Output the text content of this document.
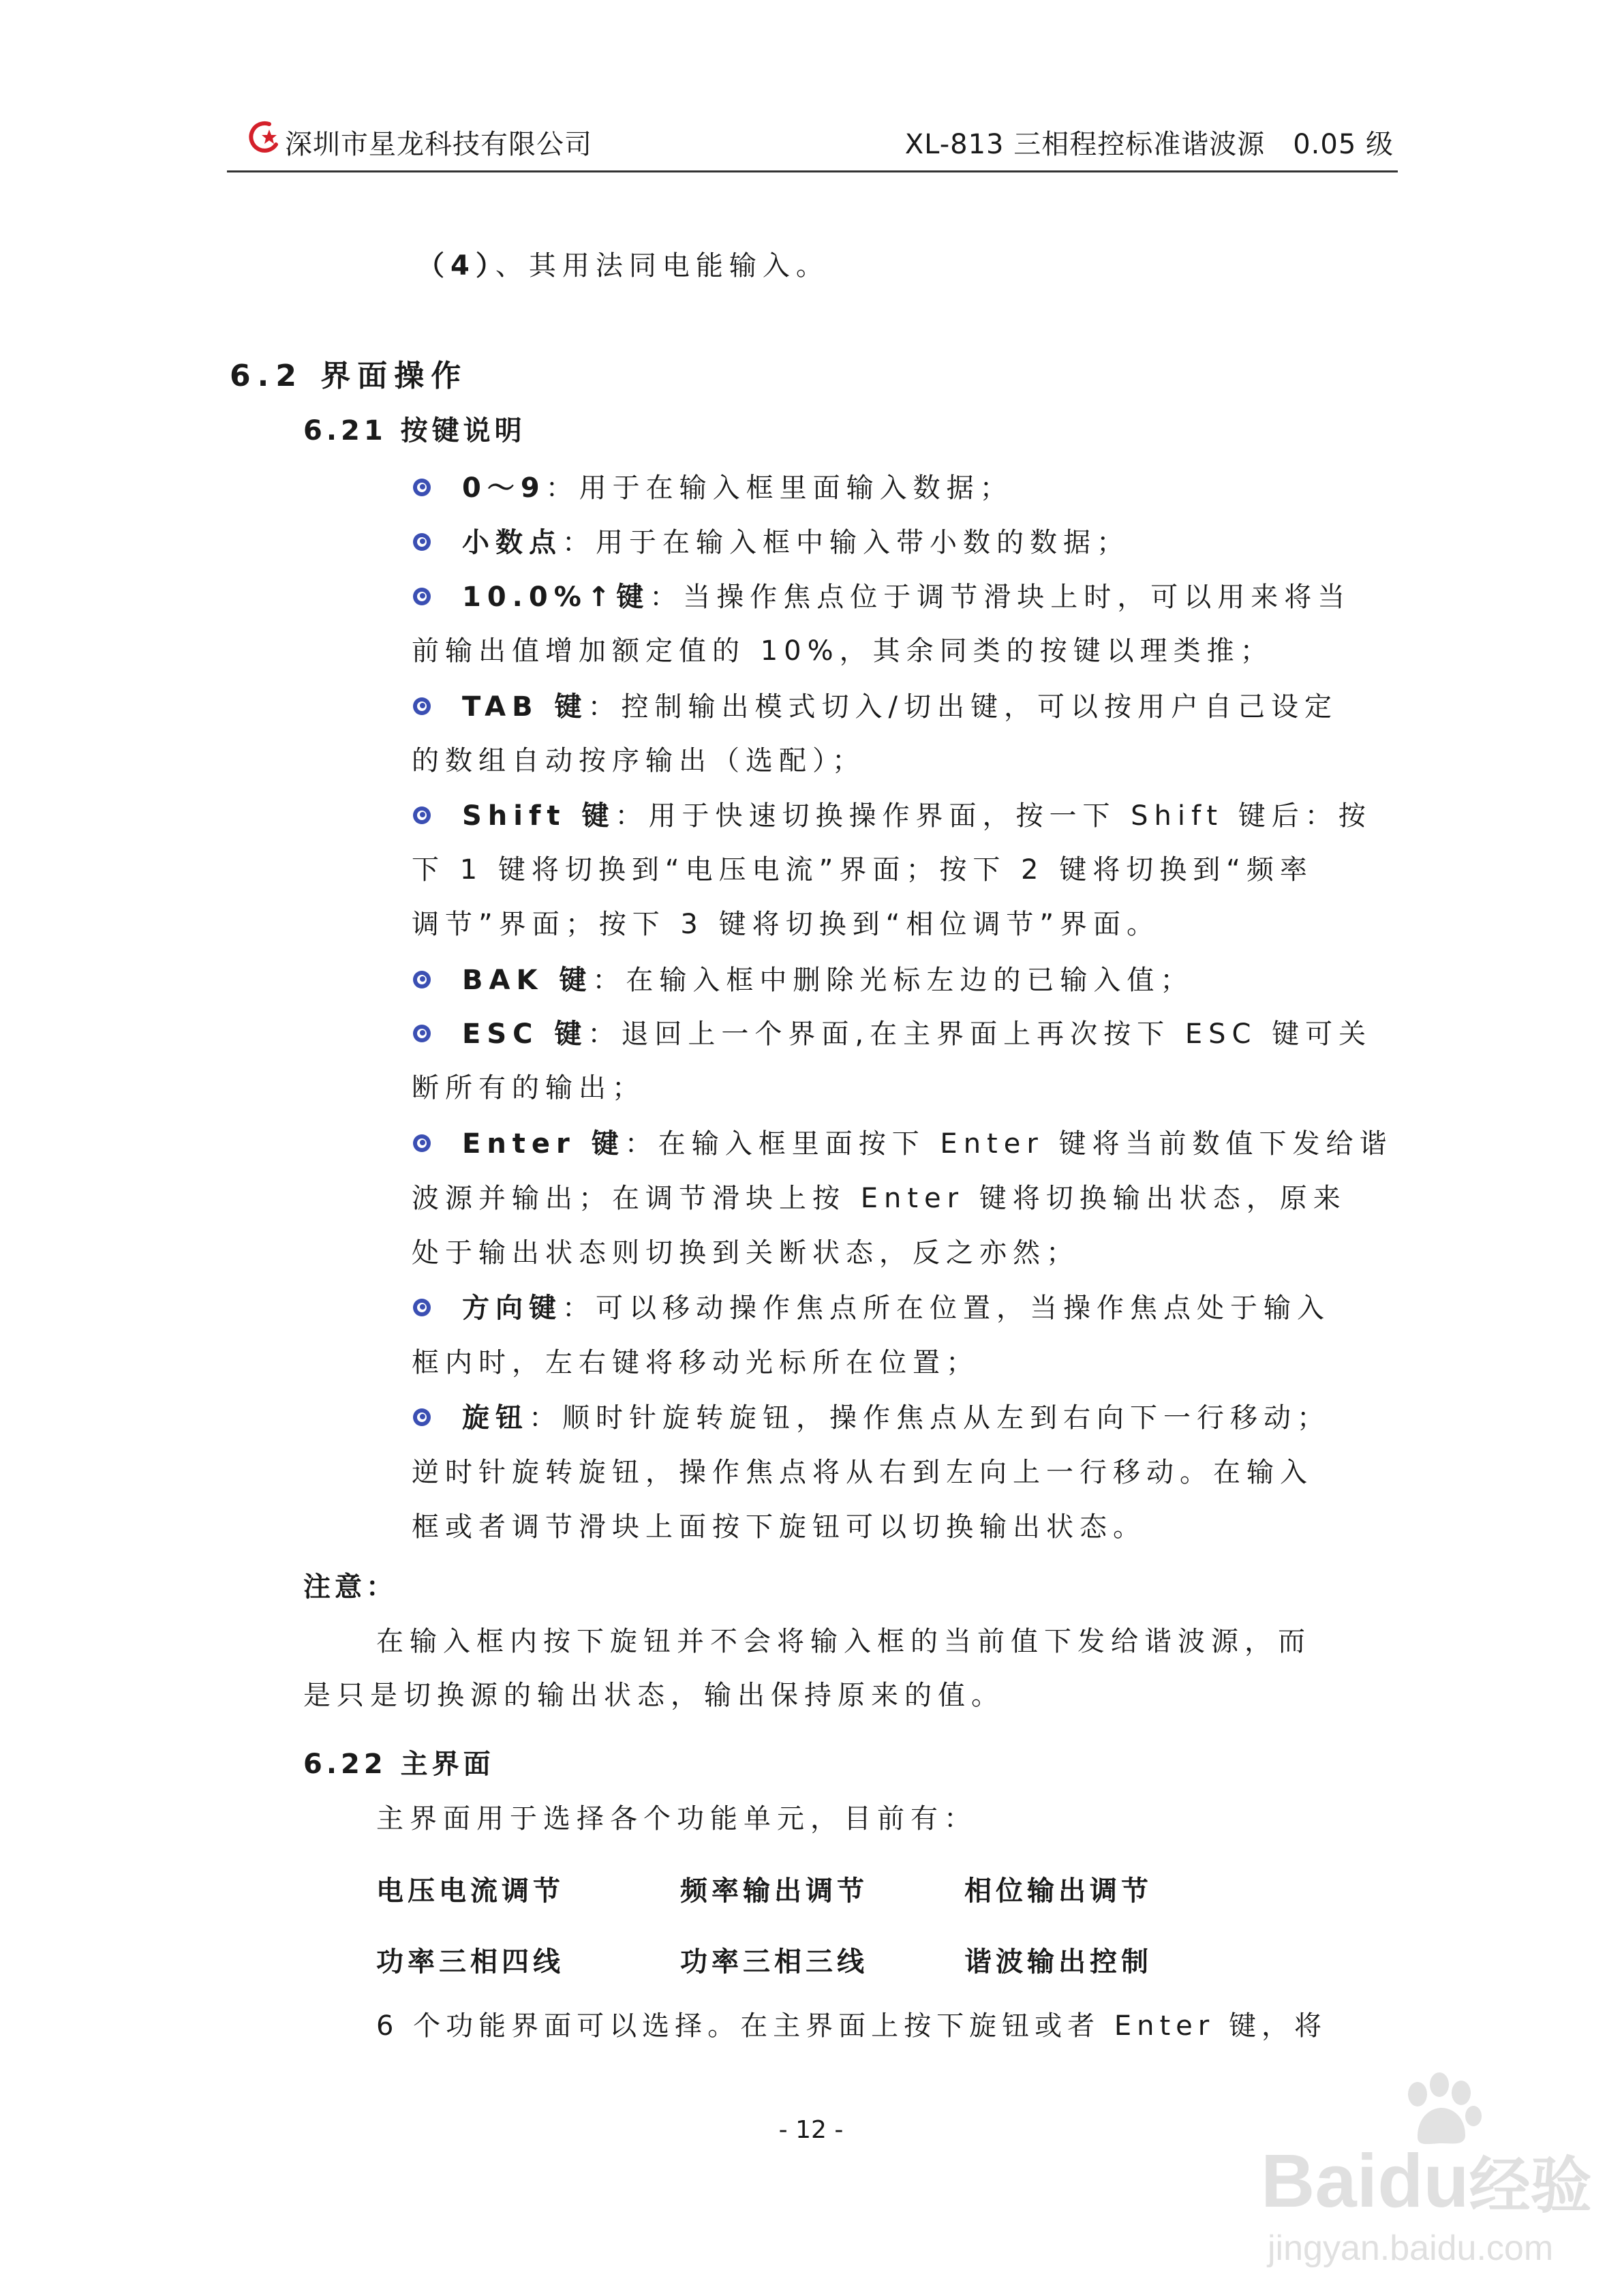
深圳市星龙科技有限公司	XL-813 三相程控标准谐波源　0.05 级
（4）、其用法同电能输入。
6.2 界面操作
6.21 按键说明
0～9：用于在输入框里面输入数据；
小数点：用于在输入框中输入带小数的数据；
10.0%↑键：当操作焦点位于调节滑块上时，可以用来将当
前输出值增加额定值的 10%，其余同类的按键以理类推；
TAB 键：控制输出模式切入/切出键，可以按用户自己设定
的数组自动按序输出（选配）；
Shift 键：用于快速切换操作界面，按一下 Shift 键后：按
下 1 键将切换到“电压电流”界面；按下 2 键将切换到“频率
调节”界面；按下 3 键将切换到“相位调节”界面。
BAK 键：在输入框中删除光标左边的已输入值；
ESC 键：退回上一个界面,在主界面上再次按下 ESC 键可关
断所有的输出；
Enter 键：在输入框里面按下 Enter 键将当前数值下发给谐
波源并输出；在调节滑块上按 Enter 键将切换输出状态，原来
处于输出状态则切换到关断状态，反之亦然；
方向键：可以移动操作焦点所在位置，当操作焦点处于输入
框内时，左右键将移动光标所在位置；
旋钮：顺时针旋转旋钮，操作焦点从左到右向下一行移动；
逆时针旋转旋钮，操作焦点将从右到左向上一行移动。在输入
框或者调节滑块上面按下旋钮可以切换输出状态。
注意：
在输入框内按下旋钮并不会将输入框的当前值下发给谐波源，而
是只是切换源的输出状态，输出保持原来的值。
6.22 主界面
主界面用于选择各个功能单元，目前有：
电压电流调节	频率输出调节	相位输出调节
功率三相四线	功率三相三线	谐波输出控制
6 个功能界面可以选择。在主界面上按下旋钮或者 Enter 键，将
- 12 -
Baidu经验
jingyan.baidu.com
